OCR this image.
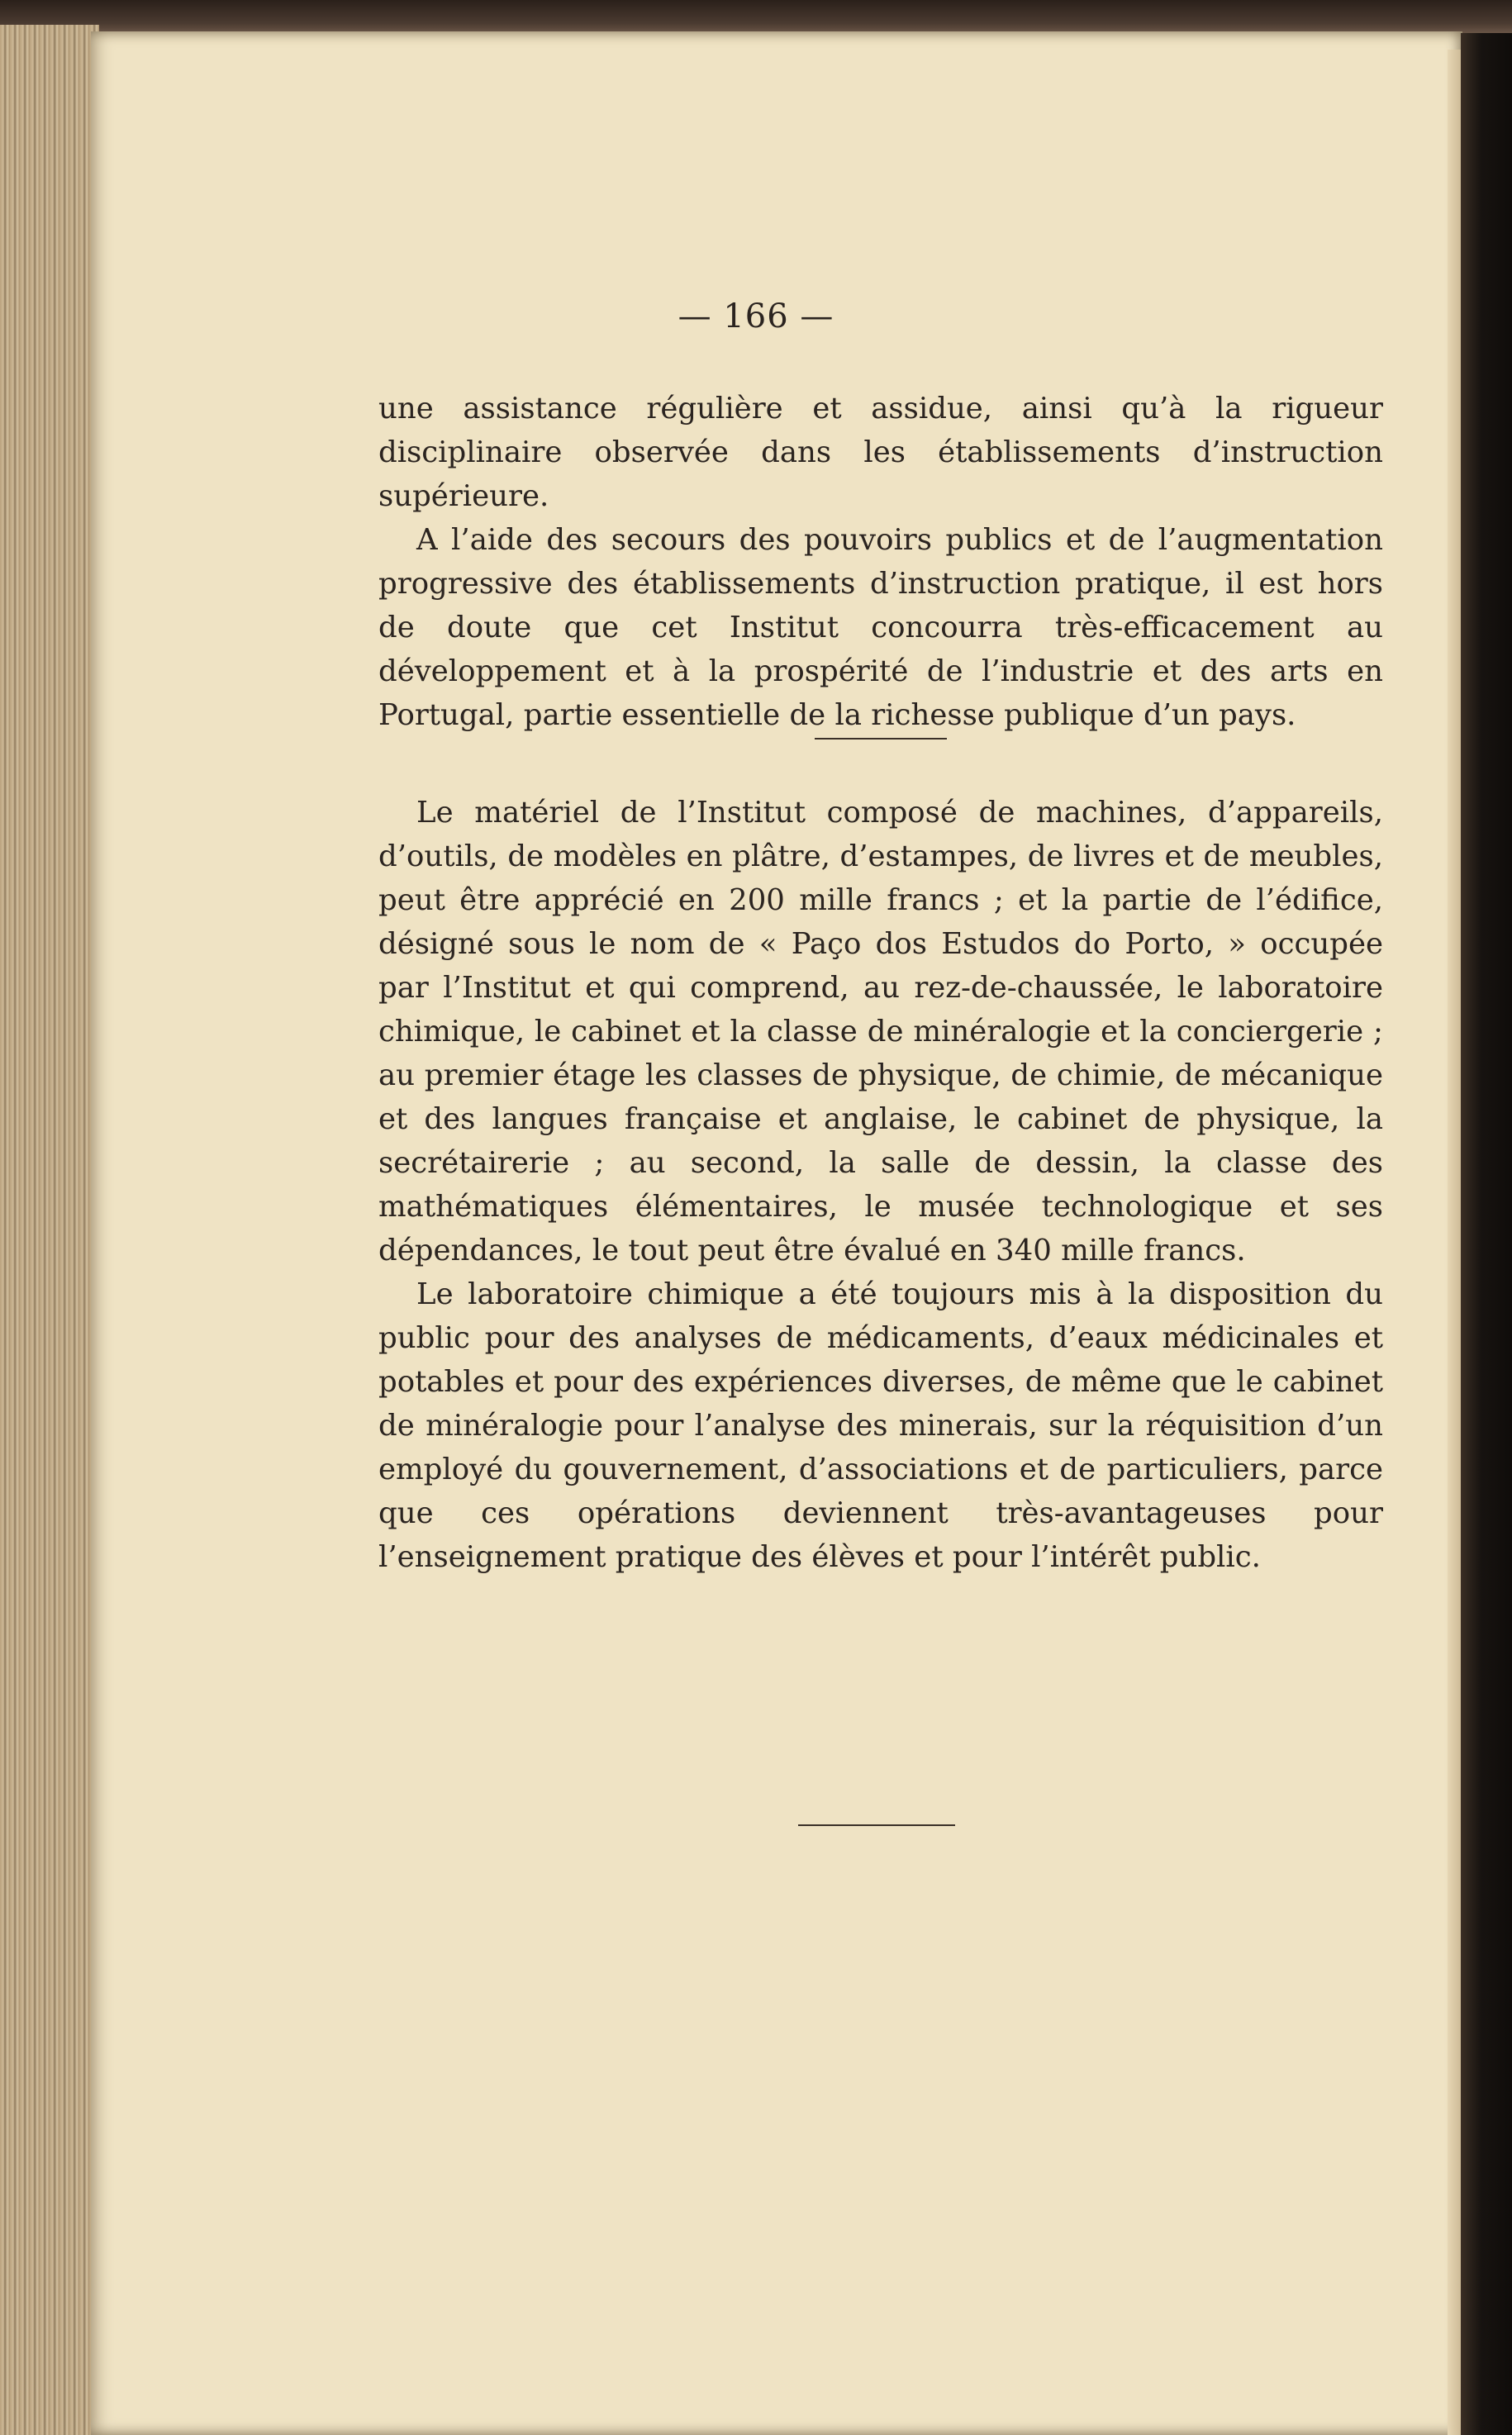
— 166 —

une assistance régulière et assidue, ainsi qu’à la rigueur disciplinaire observée dans les établissements d’instruction supérieure.

A l’aide des secours des pouvoirs publics et de l’augmentation progressive des établissements d’instruction pratique, il est hors de doute que cet Institut concourra très-efficacement au développement et à la prospérité de l’industrie et des arts en Portugal, partie essentielle de la richesse publique d’un pays.

Le matériel de l’Institut composé de machines, d’appareils, d’outils, de modèles en plâtre, d’estampes, de livres et de meubles, peut être apprécié en 200 mille francs ; et la partie de l’édifice, désigné sous le nom de « Paço dos Estudos do Porto, » occupée par l’Institut et qui comprend, au rez-de-chaussée, le laboratoire chimique, le cabinet et la classe de minéralogie et la conciergerie ; au premier étage les classes de physique, de chimie, de mécanique et des langues française et anglaise, le cabinet de physique, la secrétairerie ; au second, la salle de dessin, la classe des mathématiques élémentaires, le musée technologique et ses dépendances, le tout peut être évalué en 340 mille francs.

Le laboratoire chimique a été toujours mis à la disposition du public pour des analyses de médicaments, d’eaux médicinales et potables et pour des expériences diverses, de même que le cabinet de minéralogie pour l’analyse des minerais, sur la réquisition d’un employé du gouvernement, d’associations et de particuliers, parce que ces opérations deviennent très-avantageuses pour l’enseignement pratique des élèves et pour l’intérêt public.
